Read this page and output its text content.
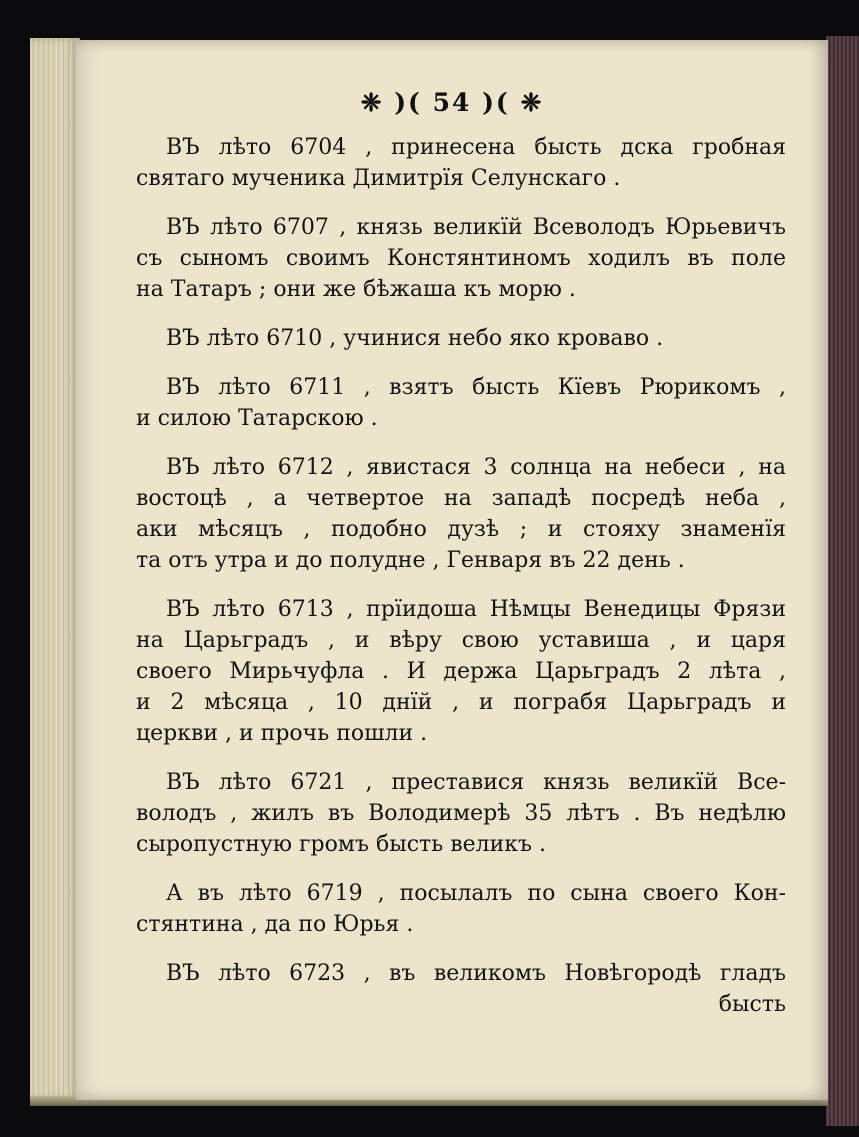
❈ )( 54 )( ❈
ВЪ лѣто 6704 , принесена бысть дска гробная
святаго мученика Димитрїя Селунскаго .
ВЪ лѣто 6707 , князь великїй Всеволодъ Юрьевичъ
съ сыномъ своимъ Констянтиномъ ходилъ въ поле
на Татаръ ; они же бѣжаша къ морю .
ВЪ лѣто 6710 , учинися небо яко кроваво .
ВЪ лѣто 6711 , взятъ бысть Кїевъ Рюрикомъ ,
и силою Татарскою .
ВЪ лѣто 6712 , явистася 3 солнца на небеси , на
востоцѣ , а четвертое на западѣ посредѣ неба ,
аки мѣсяцъ , подобно дузѣ ; и стояху знаменїя
та отъ утра и до полудне , Генваря въ 22 день .
ВЪ лѣто 6713 , прїидоша Нѣмцы Венедицы Фрязи
на Царьградъ , и вѣру свою уставиша , и царя
своего Мирьчуфла . И держа Царьградъ 2 лѣта ,
и 2 мѣсяца , 10 днїй , и пограбя Царьградъ и
церкви , и прочь пошли .
ВЪ лѣто 6721 , преставися князь великїй Все-
володъ , жилъ въ Володимерѣ 35 лѣтъ . Въ недѣлю
сыропустную громъ бысть великъ .
А въ лѣто 6719 , посылалъ по сына своего Кон-
стянтина , да по Юрья .
ВЪ лѣто 6723 , въ великомъ Новѣгородѣ гладъ
бысть
